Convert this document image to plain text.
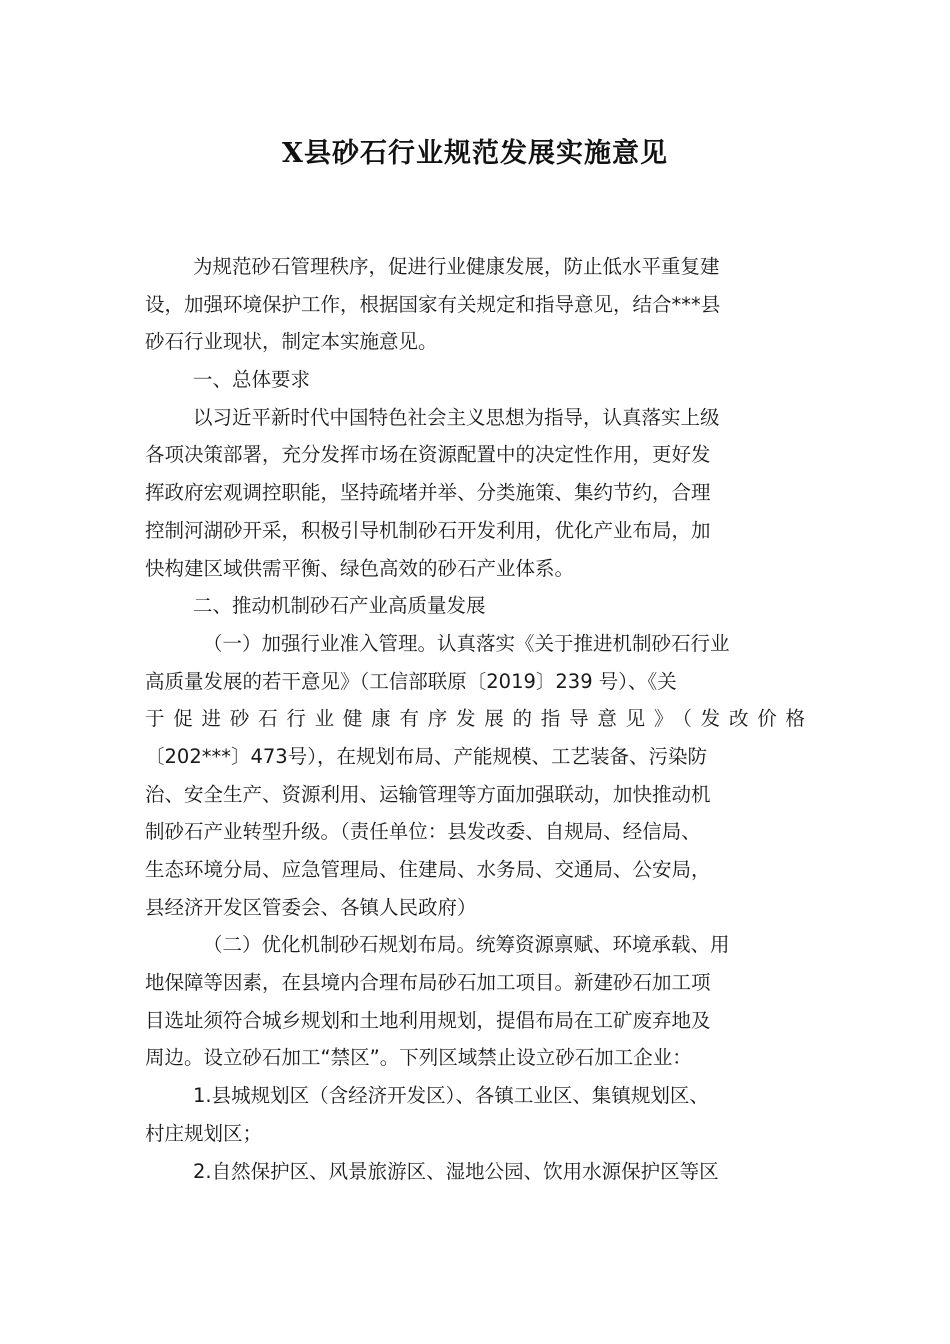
X县砂石行业规范发展实施意见
为规范砂石管理秩序，促进行业健康发展，防止低水平重复建
设，加强环境保护工作，根据国家有关规定和指导意见，结合***县
砂石行业现状，制定本实施意见。
一、总体要求
以习近平新时代中国特色社会主义思想为指导，认真落实上级
各项决策部署，充分发挥市场在资源配置中的决定性作用，更好发
挥政府宏观调控职能，坚持疏堵并举、分类施策、集约节约，合理
控制河湖砂开采，积极引导机制砂石开发利用，优化产业布局，加
快构建区域供需平衡、绿色高效的砂石产业体系。
二、推动机制砂石产业高质量发展
（一）加强行业准入管理。认真落实《关于推进机制砂石行业
高质量发展的若干意见》（工信部联原〔2019〕239 号）、《关
于促进砂石行业健康有序发展的指导意见》（发改价格
〔202***〕473号），在规划布局、产能规模、工艺装备、污染防
治、安全生产、资源利用、运输管理等方面加强联动，加快推动机
制砂石产业转型升级。（责任单位：县发改委、自规局、经信局、
生态环境分局、应急管理局、住建局、水务局、交通局、公安局，
县经济开发区管委会、各镇人民政府）
（二）优化机制砂石规划布局。统筹资源禀赋、环境承载、用
地保障等因素，在县境内合理布局砂石加工项目。新建砂石加工项
目选址须符合城乡规划和土地利用规划，提倡布局在工矿废弃地及
周边。设立砂石加工“禁区”。下列区域禁止设立砂石加工企业：
1.县城规划区（含经济开发区）、各镇工业区、集镇规划区、
村庄规划区；
2.自然保护区、风景旅游区、湿地公园、饮用水源保护区等区
